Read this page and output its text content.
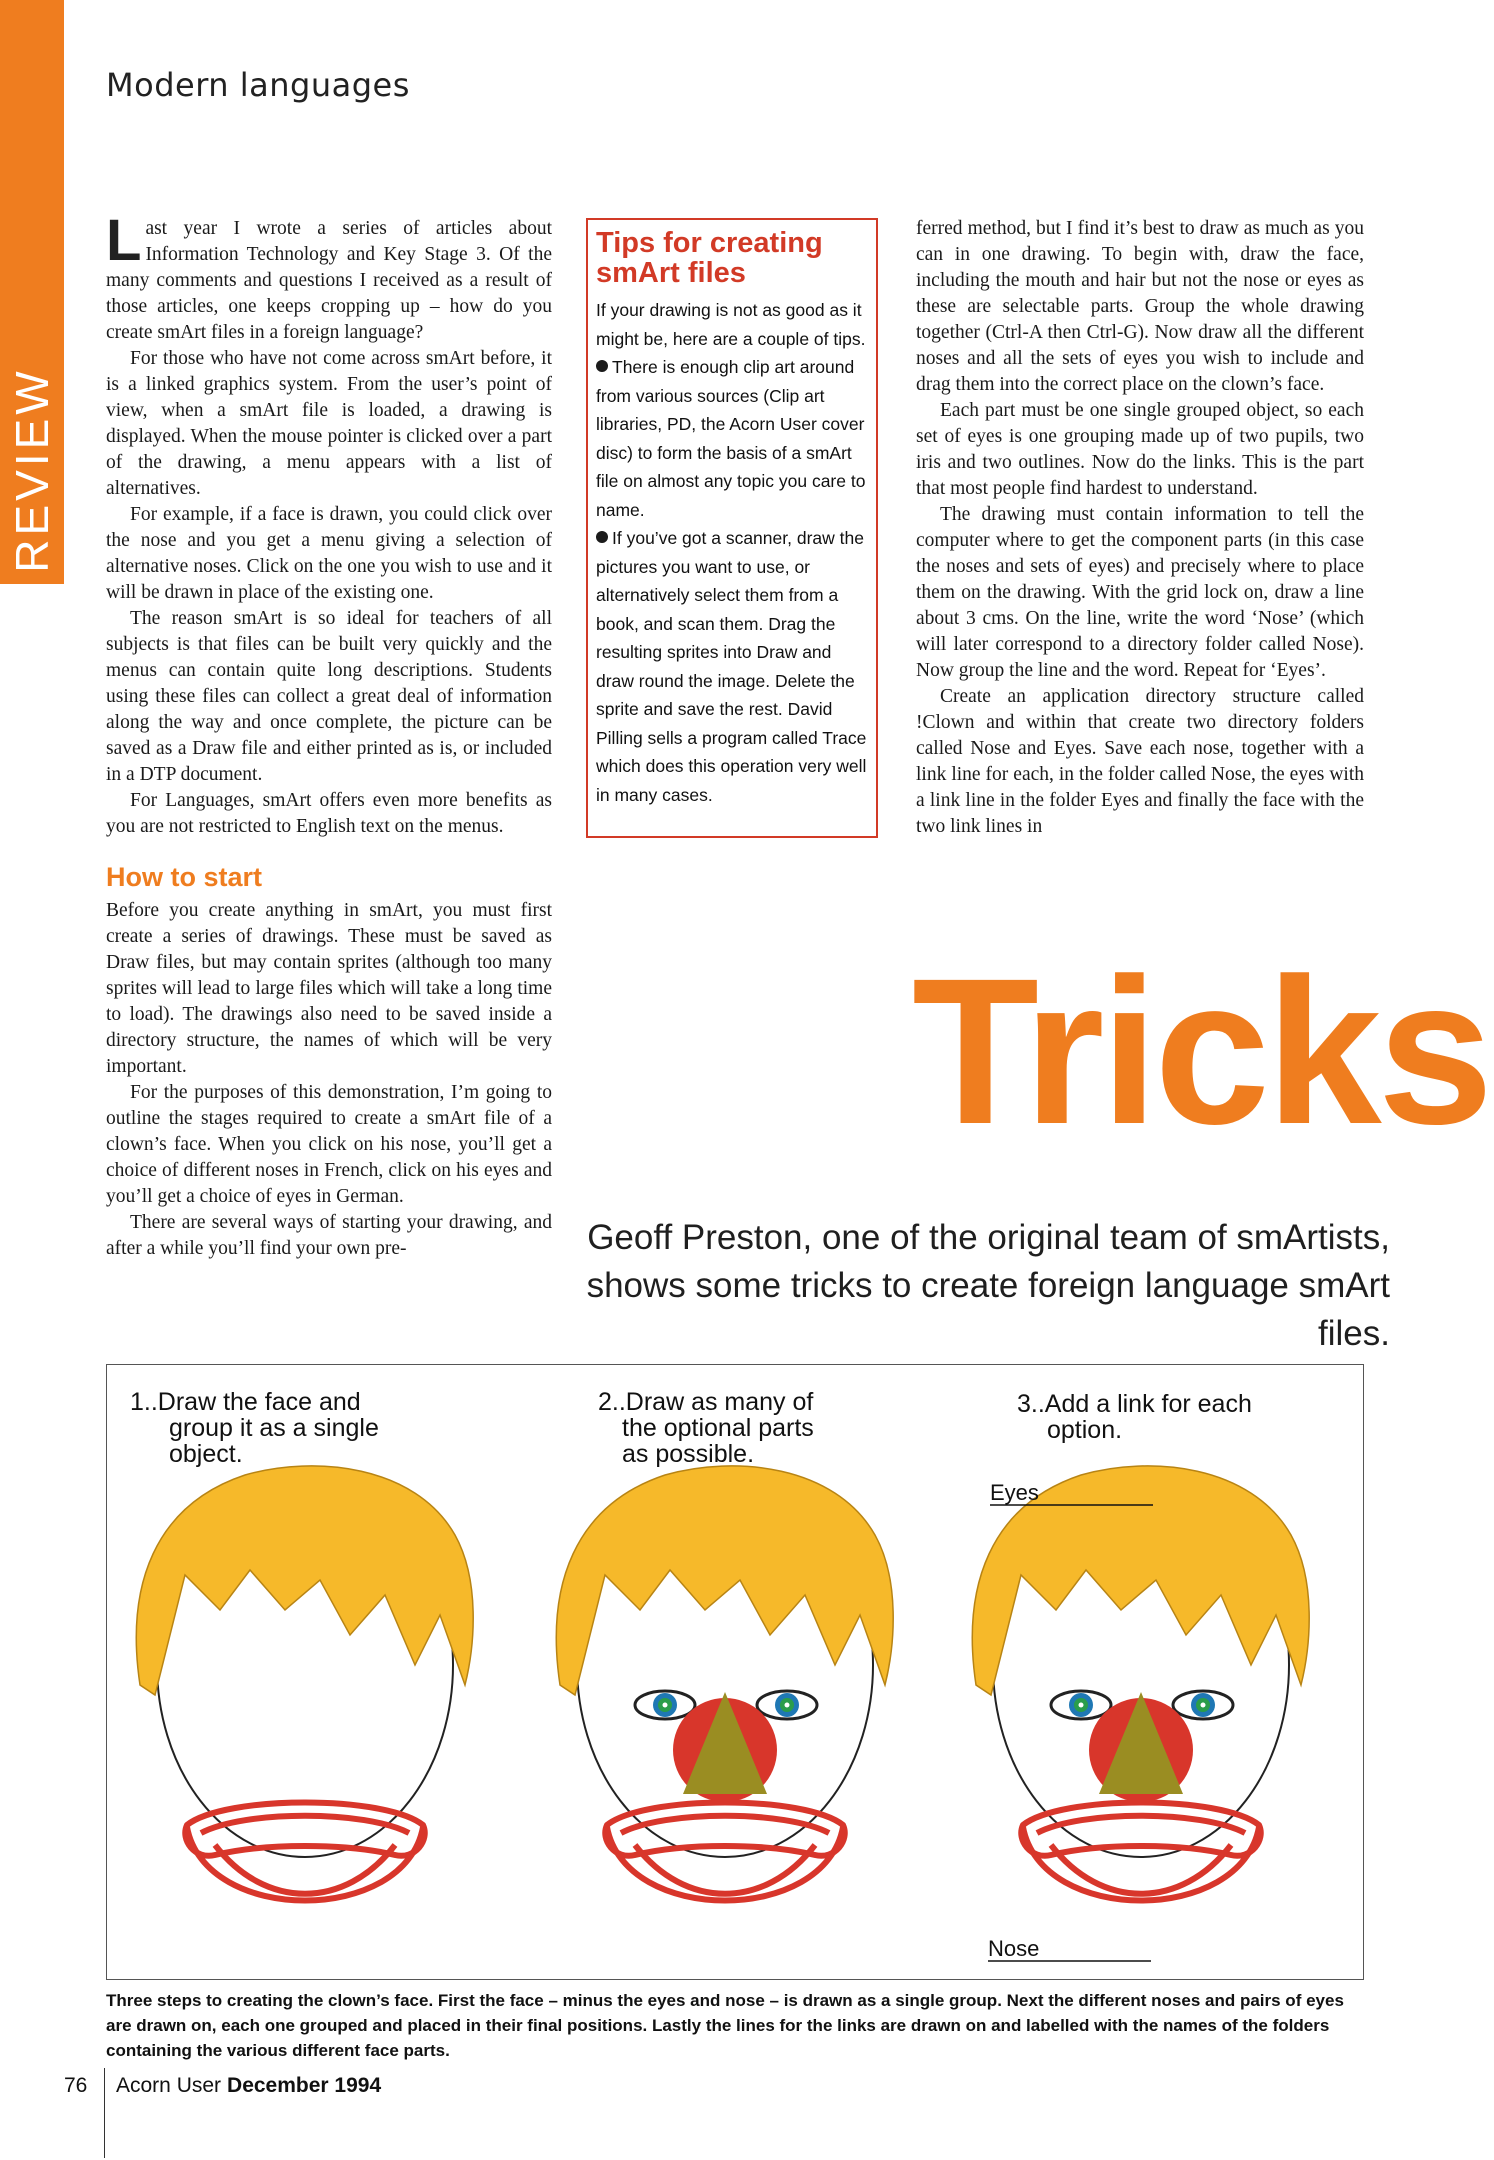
REVIEW
Modern languages

Last year I wrote a series of articles about Information Technology and Key Stage 3. Of the many comments and questions I received as a result of those articles, one keeps cropping up – how do you create smArt files in a foreign language?

For those who have not come across smArt before, it is a linked graphics system. From the user’s point of view, when a smArt file is loaded, a drawing is displayed. When the mouse pointer is clicked over a part of the drawing, a menu appears with a list of alternatives.

For example, if a face is drawn, you could click over the nose and you get a menu giving a selection of alternative noses. Click on the one you wish to use and it will be drawn in place of the existing one.

The reason smArt is so ideal for teachers of all subjects is that files can be built very quickly and the menus can contain quite long descriptions. Students using these files can collect a great deal of information along the way and once complete, the picture can be saved as a Draw file and either printed as is, or included in a DTP document.

For Languages, smArt offers even more benefits as you are not restricted to English text on the menus.

How to start

Before you create anything in smArt, you must first create a series of drawings. These must be saved as Draw files, but may contain sprites (although too many sprites will lead to large files which will take a long time to load). The drawings also need to be saved inside a directory structure, the names of which will be very important.

For the purposes of this demonstration, I’m going to outline the stages required to create a smArt file of a clown’s face. When you click on his nose, you’ll get a choice of different noses in French, click on his eyes and you’ll get a choice of eyes in German.

There are several ways of starting your drawing, and after a while you’ll find your own pre-

Tips for creating smArt files

If your drawing is not as good as it might be, here are a couple of tips.

There is enough clip art around from various sources (Clip art libraries, PD, the Acorn User cover disc) to form the basis of a smArt file on almost any topic you care to name.

If you’ve got a scanner, draw the pictures you want to use, or alternatively select them from a book, and scan them. Drag the resulting sprites into Draw and draw round the image. Delete the sprite and save the rest. David Pilling sells a program called Trace which does this operation very well in many cases.

ferred method, but I find it’s best to draw as much as you can in one drawing. To begin with, draw the face, including the mouth and hair but not the nose or eyes as these are selectable parts. Group the whole drawing together (Ctrl-A then Ctrl-G). Now draw all the different noses and all the sets of eyes you wish to include and drag them into the correct place on the clown’s face.

Each part must be one single grouped object, so each set of eyes is one grouping made up of two pupils, two iris and two outlines. Now do the links. This is the part that most people find hardest to understand.

The drawing must contain information to tell the computer where to get the component parts (in this case the noses and sets of eyes) and precisely where to place them on the drawing. With the grid lock on, draw a line about 3 cms. On the line, write the word ‘Nose’ (which will later correspond to a directory folder called Nose). Now group the line and the word. Repeat for ‘Eyes’.

Create an application directory structure called !Clown and within that create two directory folders called Nose and Eyes. Save each nose, together with a link line for each, in the folder called Nose, the eyes with a link line in the folder Eyes and finally the face with the two link lines in

Tricks
Geoff Preston, one of the original team of smArtists,
shows some tricks to create foreign language smArt files.
1..Draw the face and group it as a single object.
2..Draw as many of the optional parts as possible.
3..Add a link for each option.
Eyes
Nose
Three steps to creating the clown’s face. First the face – minus the eyes and nose – is drawn as a single group. Next the different noses and pairs of eyes are drawn on, each one grouped and placed in their final positions. Lastly the lines for the links are drawn on and labelled with the names of the folders containing the various different face parts.
76 Acorn User December 1994
